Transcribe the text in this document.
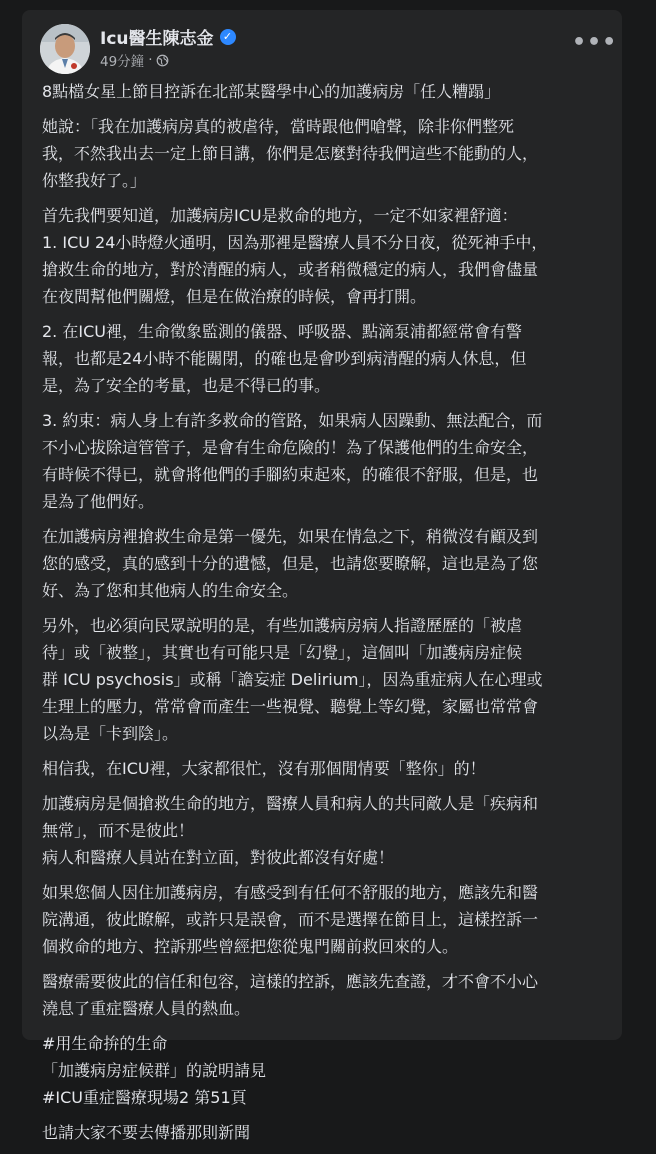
Icu醫生陳志金 ✓
49分鐘 ·
•••
8點檔女星上節目控訴在北部某醫學中心的加護病房「任人糟蹋」
她說：「我在加護病房真的被虐待，當時跟他們嗆聲，除非你們整死
我，不然我出去一定上節目講，你們是怎麼對待我們這些不能動的人，
你整我好了。」
首先我們要知道，加護病房ICU是救命的地方，一定不如家裡舒適：
1. ICU 24小時燈火通明，因為那裡是醫療人員不分日夜，從死神手中，
搶救生命的地方，對於清醒的病人，或者稍微穩定的病人，我們會儘量
在夜間幫他們關燈，但是在做治療的時候，會再打開。
2. 在ICU裡，生命徵象監測的儀器、呼吸器、點滴泵浦都經常會有警
報，也都是24小時不能關閉，的確也是會吵到病清醒的病人休息，但
是，為了安全的考量，也是不得已的事。
3. 約束：病人身上有許多救命的管路，如果病人因躁動、無法配合，而
不小心拔除這管管子，是會有生命危險的！為了保護他們的生命安全，
有時候不得已，就會將他們的手腳約束起來，的確很不舒服，但是，也
是為了他們好。
在加護病房裡搶救生命是第一優先，如果在情急之下，稍微沒有顧及到
您的感受，真的感到十分的遺憾，但是，也請您要瞭解，這也是為了您
好、為了您和其他病人的生命安全。
另外，也必須向民眾說明的是，有些加護病房病人指證歷歷的「被虐
待」或「被整」，其實也有可能只是「幻覺」，這個叫「加護病房症候
群 ICU psychosis」或稱「譫妄症 Delirium」，因為重症病人在心理或
生理上的壓力，常常會而產生一些視覺、聽覺上等幻覺，家屬也常常會
以為是「卡到陰」。
相信我，在ICU裡，大家都很忙，沒有那個閒情要「整你」的！
加護病房是個搶救生命的地方，醫療人員和病人的共同敵人是「疾病和
無常」，而不是彼此！
病人和醫療人員站在對立面，對彼此都沒有好處！
如果您個人因住加護病房，有感受到有任何不舒服的地方，應該先和醫
院溝通，彼此瞭解，或許只是誤會，而不是選擇在節目上，這樣控訴一
個救命的地方、控訴那些曾經把您從鬼門關前救回來的人。
醫療需要彼此的信任和包容，這樣的控訴，應該先查證，才不會不小心
澆息了重症醫療人員的熱血。
#用生命拚的生命
「加護病房症候群」的說明請見
#ICU重症醫療現場2 第51頁
也請大家不要去傳播那則新聞
